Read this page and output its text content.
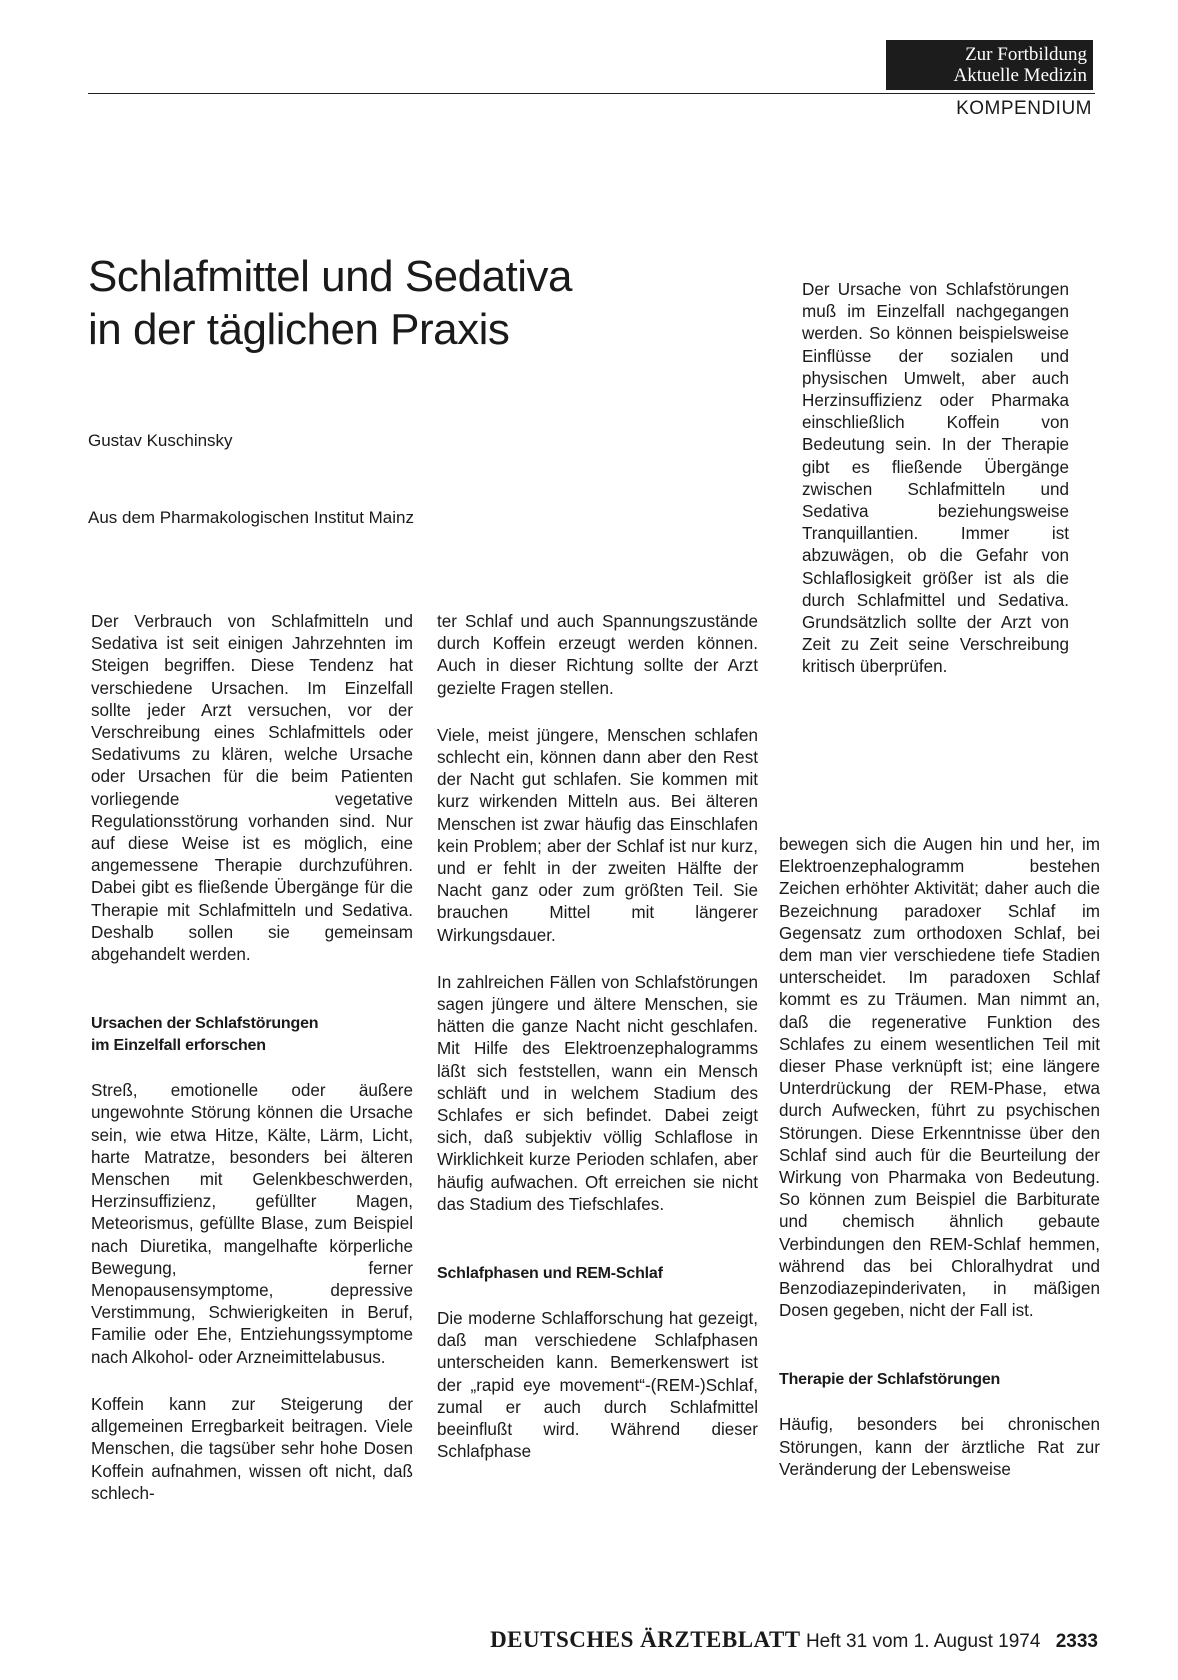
Zur Fortbildung
Aktuelle Medizin
KOMPENDIUM
Schlafmittel und Sedativa
in der täglichen Praxis
Gustav Kuschinsky
Aus dem Pharmakologischen Institut Mainz

Der Verbrauch von Schlafmitteln und Sedativa ist seit einigen Jahrzehnten im Steigen begriffen. Diese Tendenz hat verschiedene Ursachen. Im Einzelfall sollte jeder Arzt versuchen, vor der Verschreibung eines Schlafmittels oder Sedativums zu klären, welche Ursache oder Ursachen für die beim Patienten vorliegende vegetative Regulationsstörung vorhanden sind. Nur auf diese Weise ist es möglich, eine angemessene Therapie durchzuführen. Dabei gibt es fließende Übergänge für die Therapie mit Schlafmitteln und Sedativa. Deshalb sollen sie gemeinsam abgehandelt werden.

Ursachen der Schlafstörungen
im Einzelfall erforschen

Streß, emotionelle oder äußere ungewohnte Störung können die Ursache sein, wie etwa Hitze, Kälte, Lärm, Licht, harte Matratze, besonders bei älteren Menschen mit Gelenkbeschwerden, Herzinsuffizienz, gefüllter Magen, Meteorismus, gefüllte Blase, zum Beispiel nach Diuretika, mangelhafte körperliche Bewegung, ferner Menopausensymptome, depressive Verstimmung, Schwierigkeiten in Beruf, Familie oder Ehe, Entziehungssymptome nach Alkohol- oder Arzneimittelabusus.

Koffein kann zur Steigerung der allgemeinen Erregbarkeit beitragen. Viele Menschen, die tagsüber sehr hohe Dosen Koffein aufnahmen, wissen oft nicht, daß schlech-

ter Schlaf und auch Spannungszustände durch Koffein erzeugt werden können. Auch in dieser Richtung sollte der Arzt gezielte Fragen stellen.

Viele, meist jüngere, Menschen schlafen schlecht ein, können dann aber den Rest der Nacht gut schlafen. Sie kommen mit kurz wirkenden Mitteln aus. Bei älteren Menschen ist zwar häufig das Einschlafen kein Problem; aber der Schlaf ist nur kurz, und er fehlt in der zweiten Hälfte der Nacht ganz oder zum größten Teil. Sie brauchen Mittel mit längerer Wirkungsdauer.

In zahlreichen Fällen von Schlafstörungen sagen jüngere und ältere Menschen, sie hätten die ganze Nacht nicht geschlafen. Mit Hilfe des Elektroenzephalogramms läßt sich feststellen, wann ein Mensch schläft und in welchem Stadium des Schlafes er sich befindet. Dabei zeigt sich, daß subjektiv völlig Schlaflose in Wirklichkeit kurze Perioden schlafen, aber häufig aufwachen. Oft erreichen sie nicht das Stadium des Tiefschlafes.

Schlafphasen und REM-Schlaf

Die moderne Schlafforschung hat gezeigt, daß man verschiedene Schlafphasen unterscheiden kann. Bemerkenswert ist der „rapid eye movement“-(REM-)Schlaf, zumal er auch durch Schlafmittel beeinflußt wird. Während dieser Schlafphase

Der Ursache von Schlafstörungen muß im Einzelfall nachgegangen werden. So können beispielsweise Einflüsse der sozialen und physischen Umwelt, aber auch Herzinsuffizienz oder Pharmaka einschließlich Koffein von Bedeutung sein. In der Therapie gibt es fließende Übergänge zwischen Schlafmitteln und Sedativa beziehungsweise Tranquillantien. Immer ist abzuwägen, ob die Gefahr von Schlaflosigkeit größer ist als die durch Schlafmittel und Sedativa. Grundsätzlich sollte der Arzt von Zeit zu Zeit seine Verschreibung kritisch überprüfen.

bewegen sich die Augen hin und her, im Elektroenzephalogramm bestehen Zeichen erhöhter Aktivität; daher auch die Bezeichnung paradoxer Schlaf im Gegensatz zum orthodoxen Schlaf, bei dem man vier verschiedene tiefe Stadien unterscheidet. Im paradoxen Schlaf kommt es zu Träumen. Man nimmt an, daß die regenerative Funktion des Schlafes zu einem wesentlichen Teil mit dieser Phase verknüpft ist; eine längere Unterdrückung der REM-Phase, etwa durch Aufwecken, führt zu psychischen Störungen. Diese Erkenntnisse über den Schlaf sind auch für die Beurteilung der Wirkung von Pharmaka von Bedeutung. So können zum Beispiel die Barbiturate und chemisch ähnlich gebaute Verbindungen den REM-Schlaf hemmen, während das bei Chloralhydrat und Benzodiazepinderivaten, in mäßigen Dosen gegeben, nicht der Fall ist.

Therapie der Schlafstörungen

Häufig, besonders bei chronischen Störungen, kann der ärztliche Rat zur Veränderung der Lebensweise

DEUTSCHES ÄRZTEBLATT Heft 31 vom 1. August 1974 2333
